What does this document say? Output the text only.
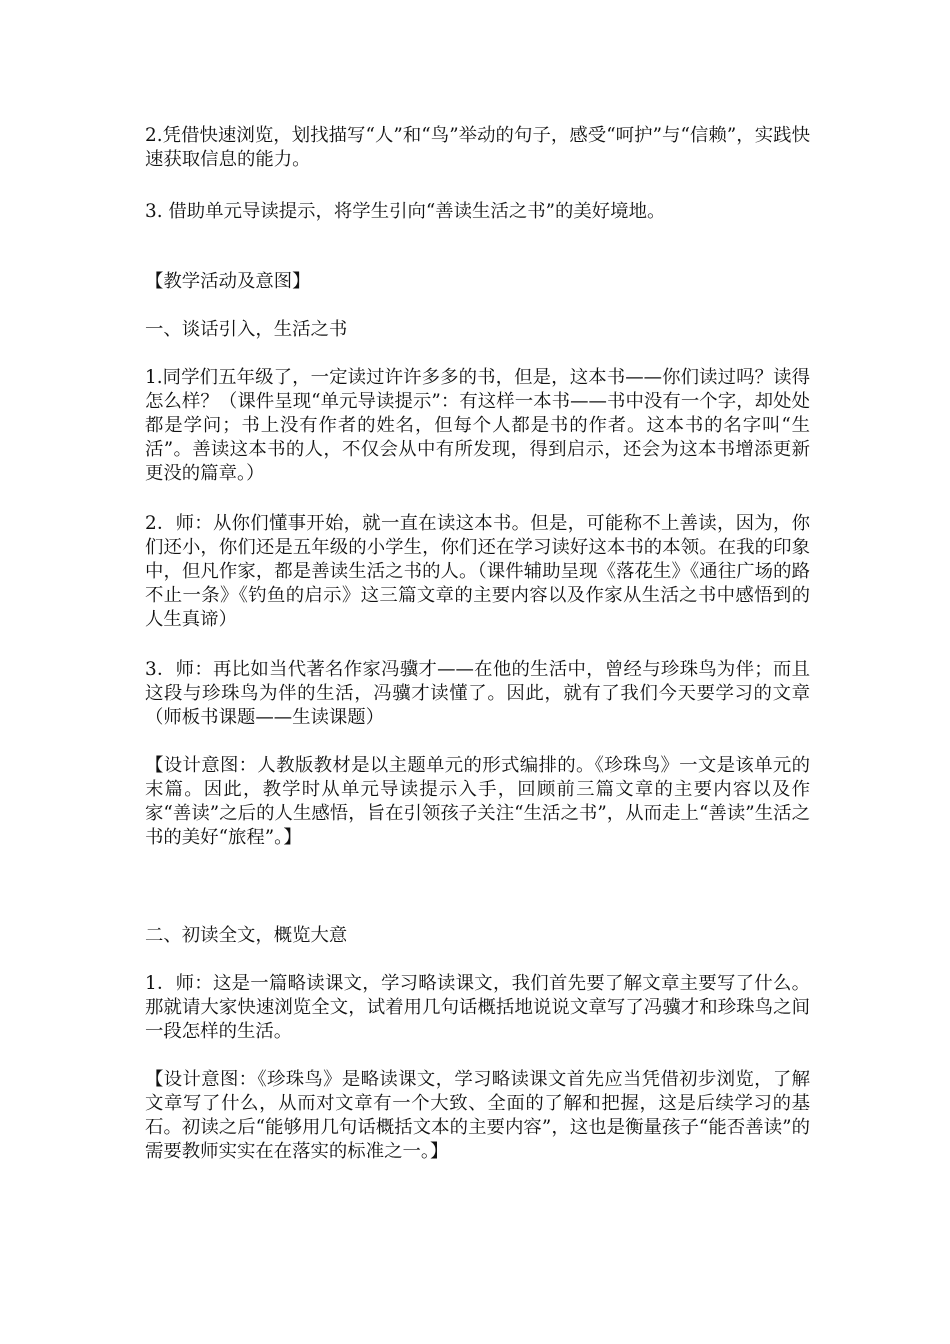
2.凭借快速浏览，划找描写“人”和“鸟”举动的句子，感受“呵护”与“信赖”，实践快速获取信息的能力。

3. 借助单元导读提示，将学生引向“善读生活之书”的美好境地。

【教学活动及意图】

一、谈话引入，生活之书

1.同学们五年级了，一定读过许许多多的书，但是，这本书——你们读过吗？读得怎么样？（课件呈现“单元导读提示”：有这样一本书——书中没有一个字，却处处都是学问；书上没有作者的姓名，但每个人都是书的作者。这本书的名字叫“生活”。善读这本书的人，不仅会从中有所发现，得到启示，还会为这本书增添更新更没的篇章。）

2．师：从你们懂事开始，就一直在读这本书。但是，可能称不上善读，因为，你们还小，你们还是五年级的小学生，你们还在学习读好这本书的本领。在我的印象中，但凡作家，都是善读生活之书的人。（课件辅助呈现《落花生》《通往广场的路不止一条》《钓鱼的启示》这三篇文章的主要内容以及作家从生活之书中感悟到的人生真谛）

3．师：再比如当代著名作家冯骥才——在他的生活中，曾经与珍珠鸟为伴；而且这段与珍珠鸟为伴的生活，冯骥才读懂了。因此，就有了我们今天要学习的文章（师板书课题——生读课题）

【设计意图：人教版教材是以主题单元的形式编排的。《珍珠鸟》一文是该单元的末篇。因此，教学时从单元导读提示入手，回顾前三篇文章的主要内容以及作家“善读”之后的人生感悟，旨在引领孩子关注“生活之书”，从而走上“善读”生活之书的美好“旅程”。】

二、初读全文，概览大意

1．师：这是一篇略读课文，学习略读课文，我们首先要了解文章主要写了什么。那就请大家快速浏览全文，试着用几句话概括地说说文章写了冯骥才和珍珠鸟之间一段怎样的生活。

【设计意图：《珍珠鸟》是略读课文，学习略读课文首先应当凭借初步浏览，了解文章写了什么，从而对文章有一个大致、全面的了解和把握，这是后续学习的基石。初读之后“能够用几句话概括文本的主要内容”，这也是衡量孩子“能否善读”的需要教师实实在在落实的标准之一。】
